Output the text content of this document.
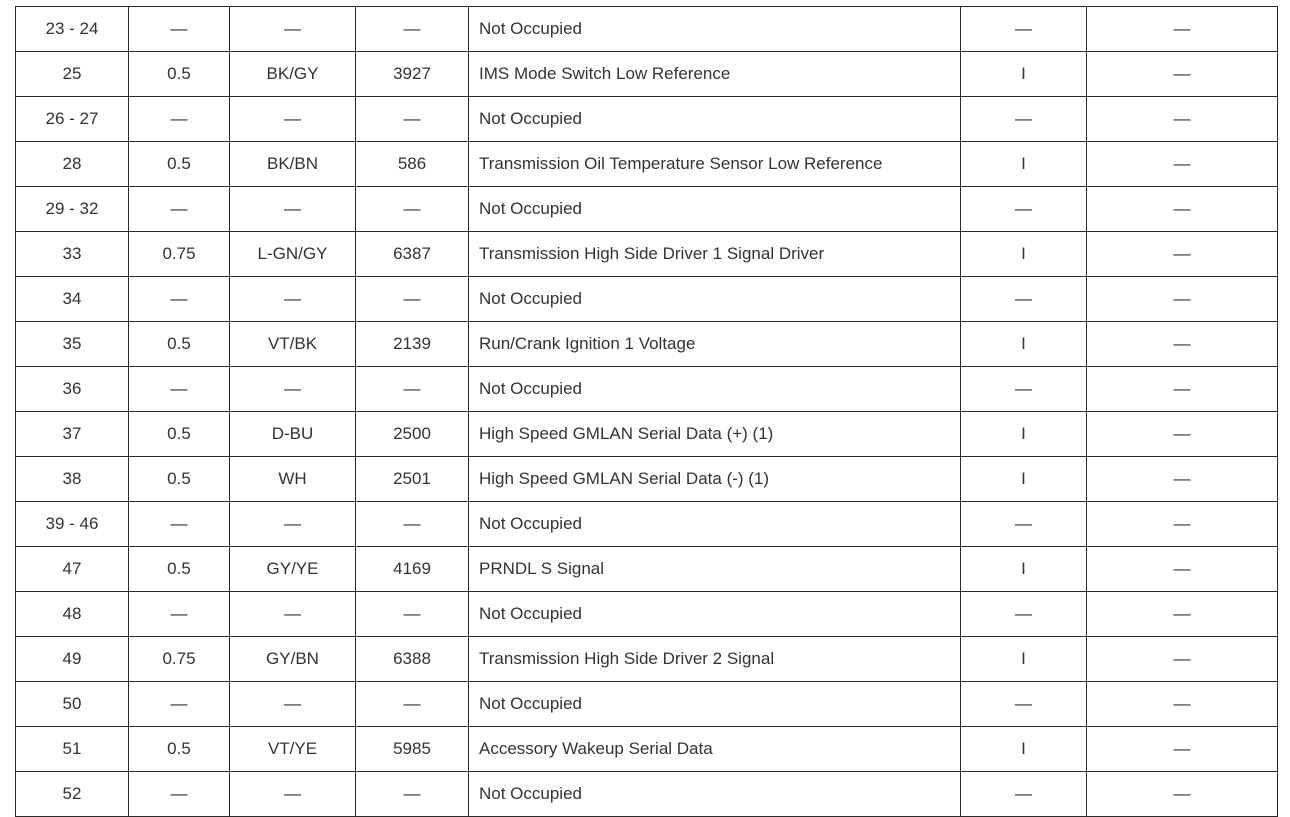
23 - 24	—	—	—	Not Occupied	—	—
25	0.5	BK/GY	3927	IMS Mode Switch Low Reference	I	—
26 - 27	—	—	—	Not Occupied	—	—
28	0.5	BK/BN	586	Transmission Oil Temperature Sensor Low Reference	I	—
29 - 32	—	—	—	Not Occupied	—	—
33	0.75	L-GN/GY	6387	Transmission High Side Driver 1 Signal Driver	I	—
34	—	—	—	Not Occupied	—	—
35	0.5	VT/BK	2139	Run/Crank Ignition 1 Voltage	I	—
36	—	—	—	Not Occupied	—	—
37	0.5	D-BU	2500	High Speed GMLAN Serial Data (+) (1)	I	—
38	0.5	WH	2501	High Speed GMLAN Serial Data (-) (1)	I	—
39 - 46	—	—	—	Not Occupied	—	—
47	0.5	GY/YE	4169	PRNDL S Signal	I	—
48	—	—	—	Not Occupied	—	—
49	0.75	GY/BN	6388	Transmission High Side Driver 2 Signal	I	—
50	—	—	—	Not Occupied	—	—
51	0.5	VT/YE	5985	Accessory Wakeup Serial Data	I	—
52	—	—	—	Not Occupied	—	—
